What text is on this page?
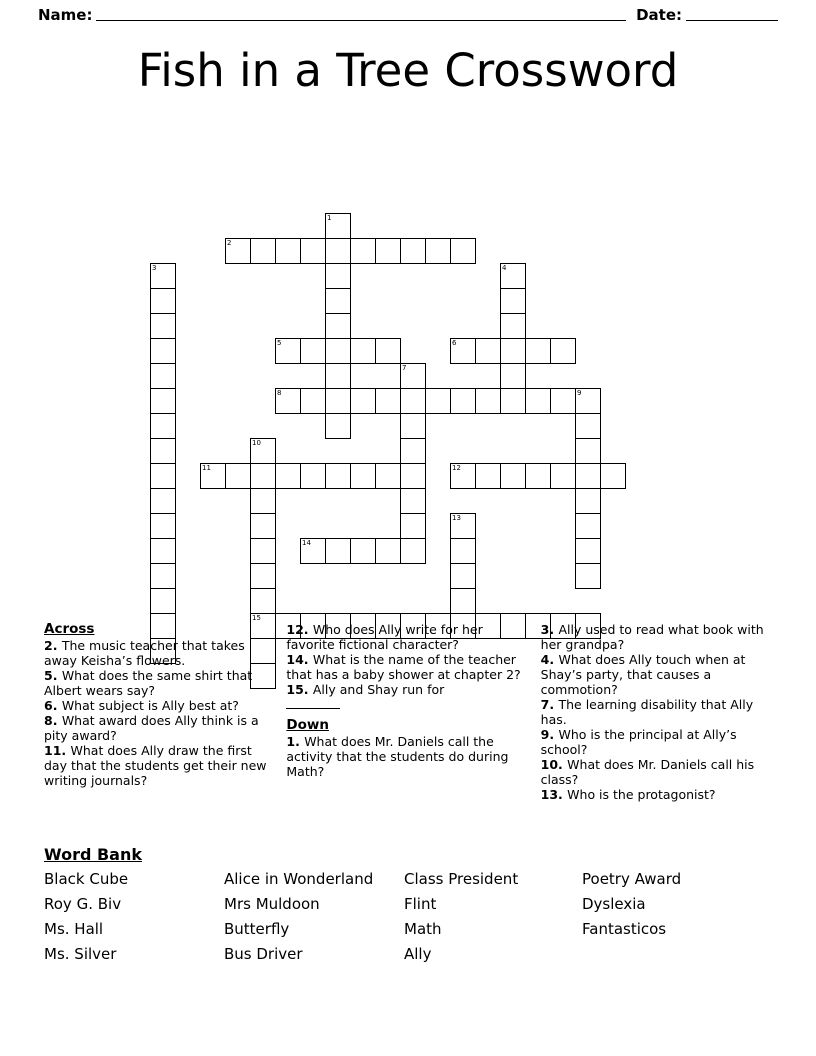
Name:	Date:
Fish in a Tree Crossword
1
2
3	4
5	6
7
8	9
10
11	12
13
14
15
Across
2. The music teacher that takes away Keisha’s flowers.
5. What does the same shirt that Albert wears say?
6. What subject is Ally best at?
8. What award does Ally think is a pity award?
11. What does Ally draw the first day that the students get their new writing journals?
12. Who does Ally write for her favorite fictional character?
14. What is the name of the teacher that has a baby shower at chapter 2?
15. Ally and Shay run for

Down
1. What does Mr. Daniels call the activity that the students do during Math?
3. Ally used to read what book with her grandpa?
4. What does Ally touch when at Shay’s party, that causes a commotion?
7. The learning disability that Ally has.
9. Who is the principal at Ally’s school?
10. What does Mr. Daniels call his class?
13. Who is the protagonist?
Word Bank
Black Cube	Alice in Wonderland	Class President	Poetry Award
Roy G. Biv	Mrs Muldoon	Flint	Dyslexia
Ms. Hall	Butterfly	Math	Fantasticos
Ms. Silver	Bus Driver	Ally
